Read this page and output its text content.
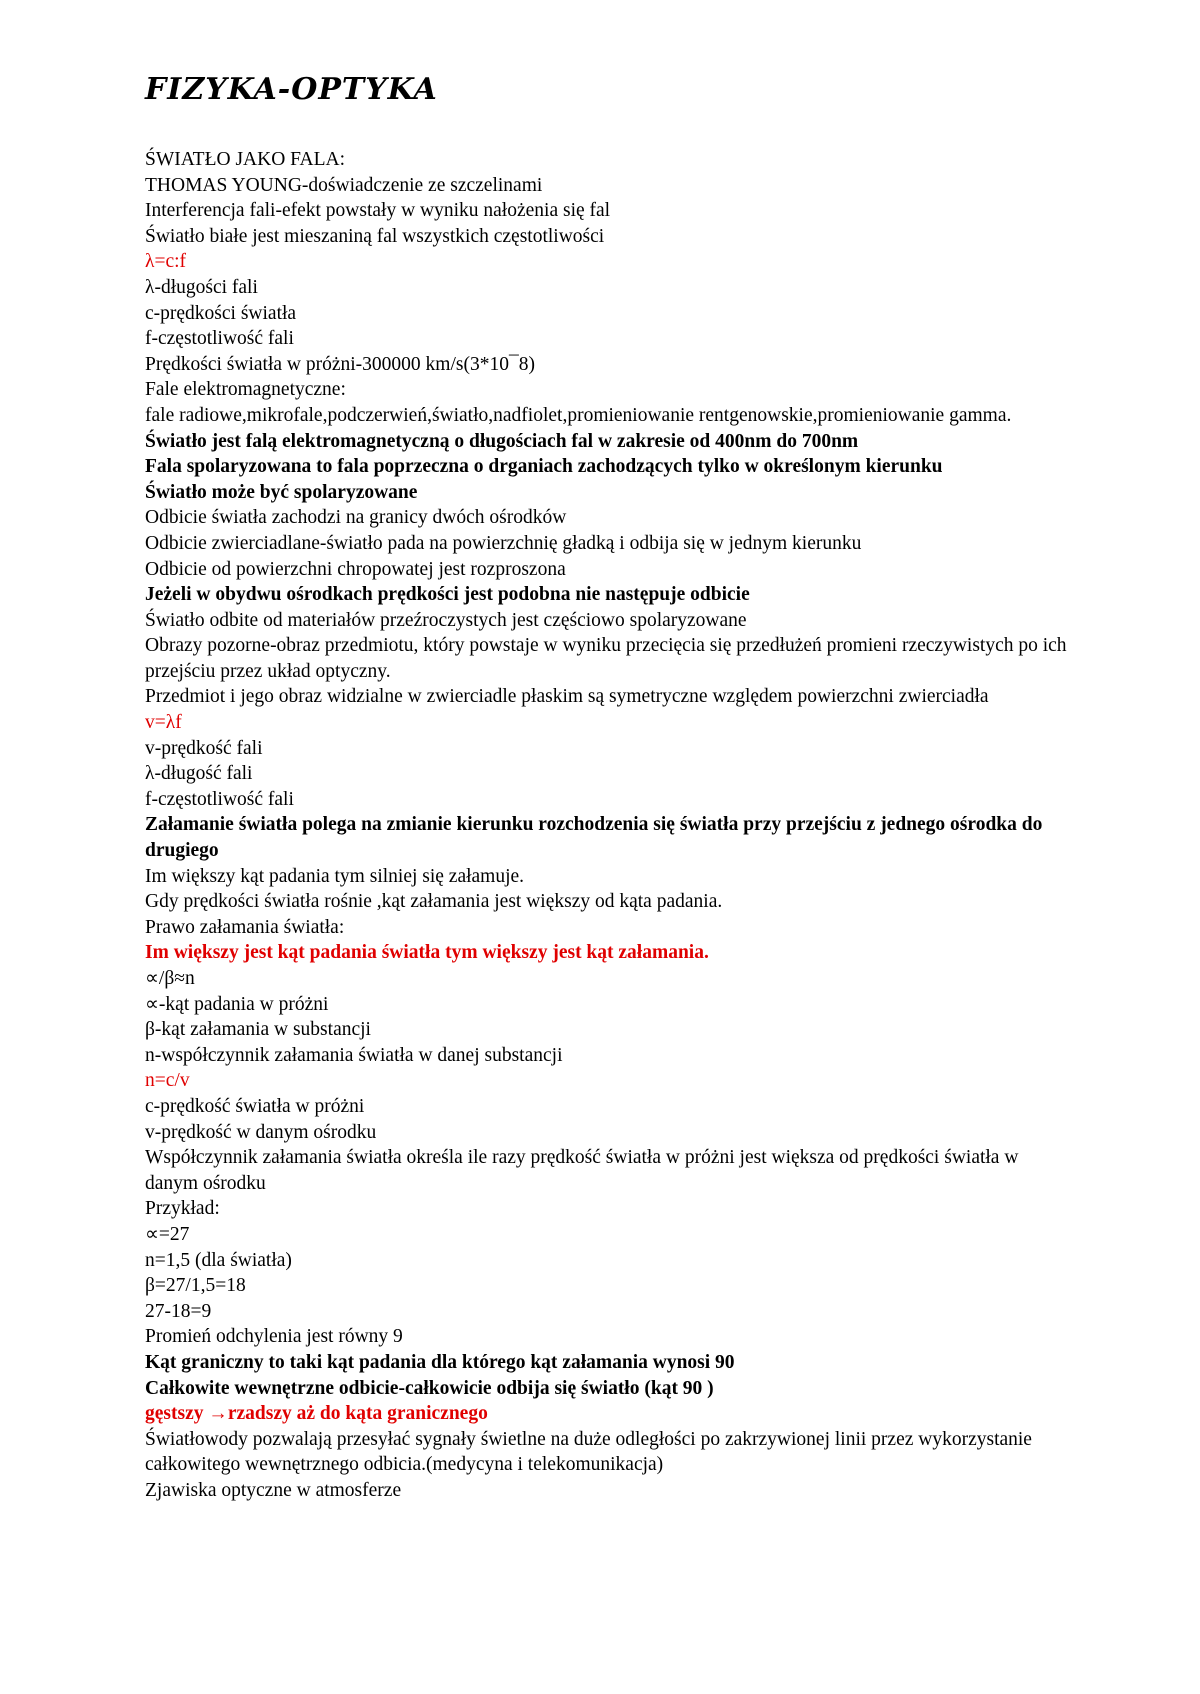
FIZYKA-OPTYKA

ŚWIATŁO JAKO FALA:

THOMAS YOUNG-doświadczenie ze szczelinami

Interferencja fali-efekt powstały w wyniku nałożenia się fal

Światło białe jest mieszaniną fal wszystkich częstotliwości

λ=c:f

λ-długości fali

c-prędkości światła

f-częstotliwość fali

Prędkości światła w próżni-300000 km/s(3*10¯8)

Fale elektromagnetyczne:

fale radiowe,mikrofale,podczerwień,światło,nadfiolet,promieniowanie rentgenowskie,promieniowanie gamma.

Światło jest falą elektromagnetyczną o długościach fal w zakresie od 400nm do 700nm

Fala spolaryzowana to fala poprzeczna o drganiach zachodzących tylko w określonym kierunku

Światło może być spolaryzowane

Odbicie światła zachodzi na granicy dwóch ośrodków

Odbicie zwierciadlane-światło pada na powierzchnię gładką i odbija się w jednym kierunku

Odbicie od powierzchni chropowatej jest rozproszona

Jeżeli w obydwu ośrodkach prędkości jest podobna nie następuje odbicie

Światło odbite od materiałów przeźroczystych jest częściowo spolaryzowane

Obrazy pozorne-obraz przedmiotu, który powstaje w wyniku przecięcia się przedłużeń promieni rzeczywistych po ich przejściu przez układ optyczny.

Przedmiot i jego obraz widzialne w zwierciadle płaskim są symetryczne względem powierzchni zwierciadła

v=λf

v-prędkość fali

λ-długość fali

f-częstotliwość fali

Załamanie światła polega na zmianie kierunku rozchodzenia się światła przy przejściu z jednego ośrodka do drugiego

Im większy kąt padania tym silniej się załamuje.

Gdy prędkości światła rośnie ,kąt załamania jest większy od kąta padania.

Prawo załamania światła:

Im większy jest kąt padania światła tym większy jest kąt załamania.

∝/β≈n

∝-kąt padania w próżni

β-kąt załamania w substancji

n-współczynnik załamania światła w danej substancji

n=c/v

c-prędkość światła w próżni

v-prędkość w danym ośrodku

Współczynnik załamania światła określa ile razy prędkość światła w próżni jest większa od prędkości światła w danym ośrodku

Przykład:

∝=27

n=1,5 (dla światła)

β=27/1,5=18

27-18=9

Promień odchylenia jest równy 9

Kąt graniczny to taki kąt padania dla którego kąt załamania wynosi 90

Całkowite wewnętrzne odbicie-całkowicie odbija się światło (kąt 90 )

gęstszy →rzadszy aż do kąta granicznego

Światłowody pozwalają przesyłać sygnały świetlne na duże odległości po zakrzywionej linii przez wykorzystanie całkowitego wewnętrznego odbicia.(medycyna i telekomunikacja)

Zjawiska optyczne w atmosferze
